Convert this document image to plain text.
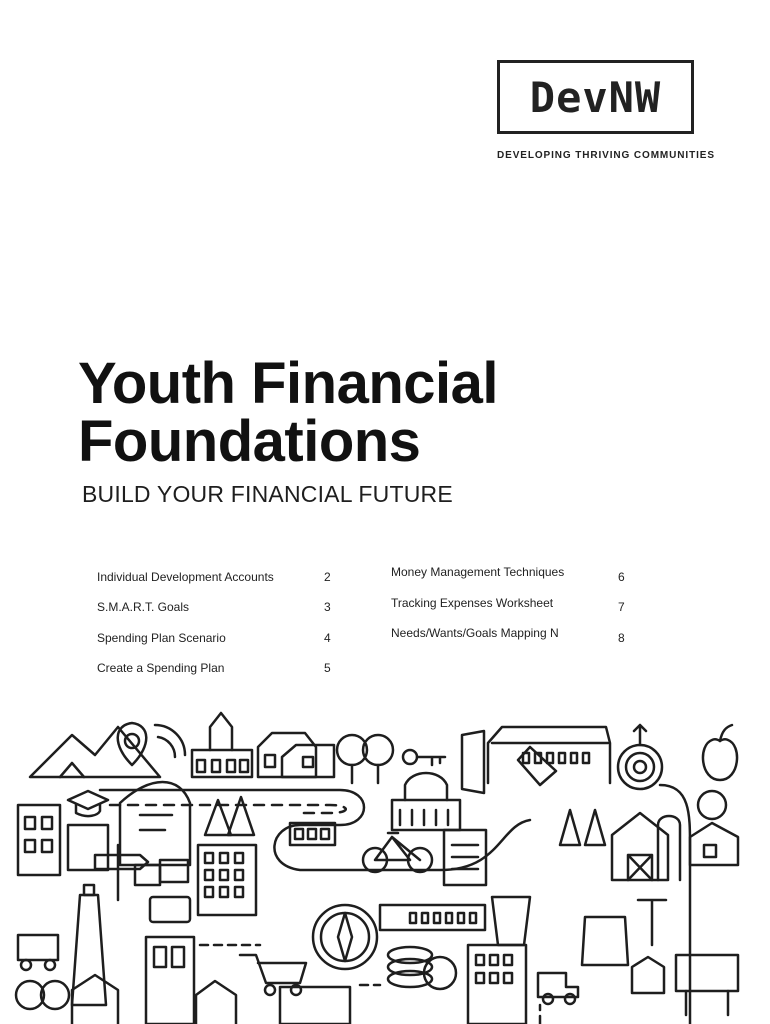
DevNW
DEVELOPING THRIVING COMMUNITIES
Youth Financial
Foundations
BUILD YOUR FINANCIAL FUTURE
Individual Development Accounts	2
S.M.A.R.T. Goals	3
Spending Plan Scenario	4
Create a Spending Plan	5
Money Management Techniques	6
Tracking Expenses Worksheet	7
Needs/Wants/Goals Mapping N	8
